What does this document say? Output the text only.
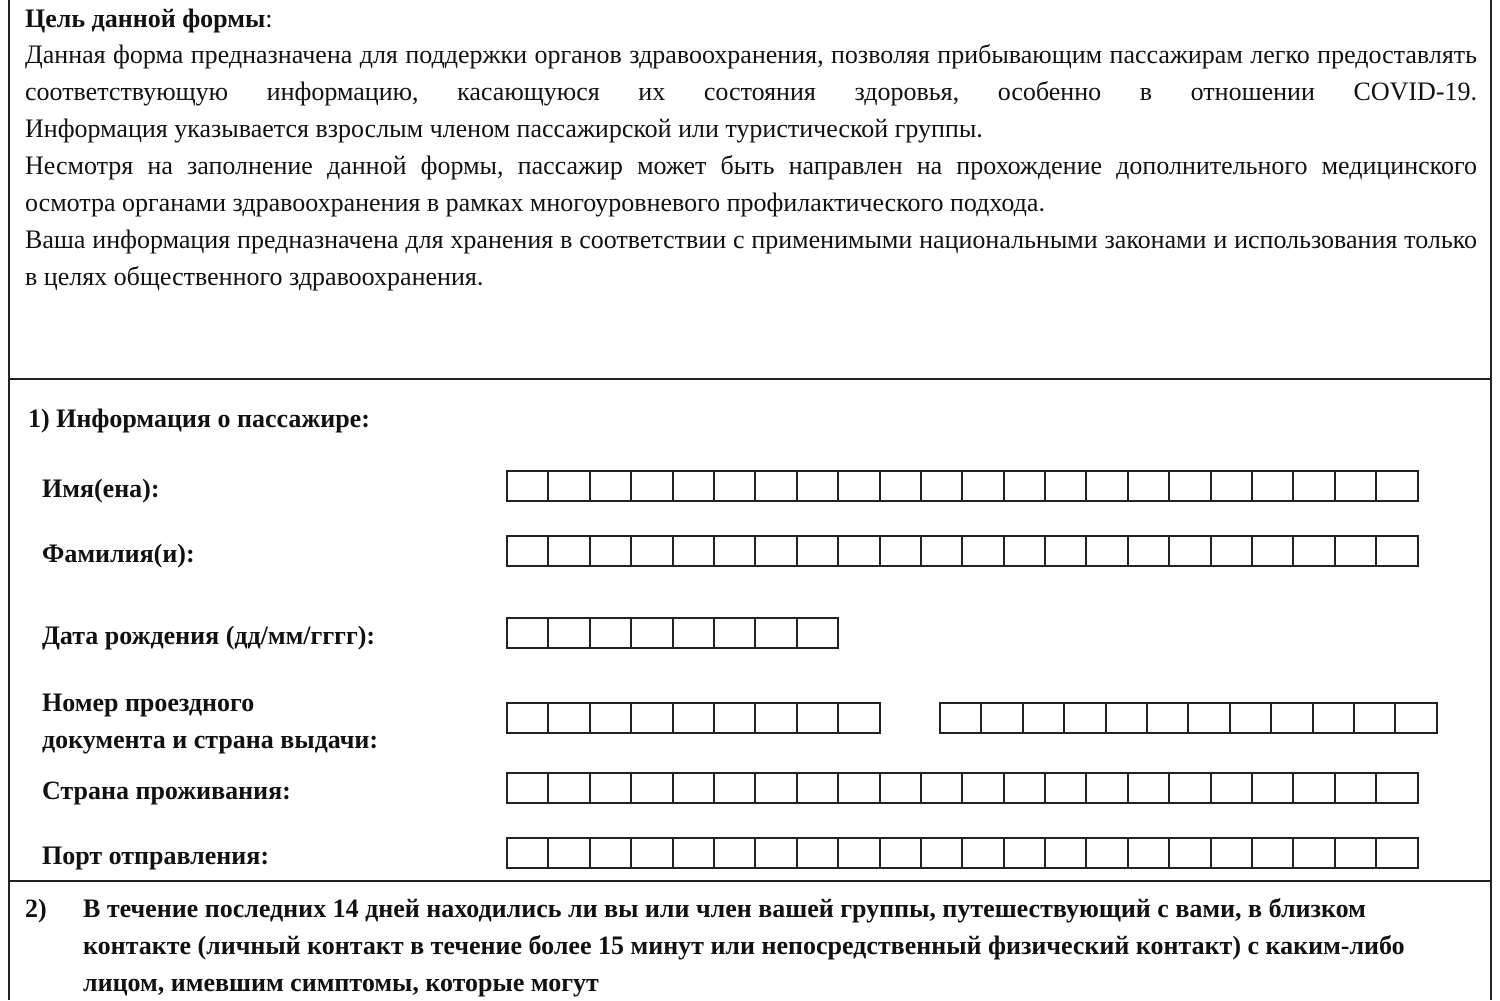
Цель данной формы:

Данная форма предназначена для поддержки органов здравоохранения, позволяя прибывающим пассажирам легко предоставлять соответствующую информацию, касающуюся их состояния здоровья, особенно в отношении COVID-19.

Информация указывается взрослым членом пассажирской или туристической группы.

Несмотря на заполнение данной формы, пассажир может быть направлен на прохождение дополнительного медицинского осмотра органами здравоохранения в рамках многоуровневого профилактического подхода.

Ваша информация предназначена для хранения в соответствии с применимыми национальными законами и использования только в целях общественного здравоохранения.

1) Информация о пассажире:
Имя(ена):
Фамилия(и):
Дата рождения (дд/мм/гггг):
Номер проездного
документа и страна выдачи:
Страна проживания:
Порт отправления:
2) В течение последних 14 дней находились ли вы или член вашей группы, путешествующий с вами, в близком контакте (личный контакт в течение более 15 минут или непосредственный физический контакт) с каким-либо лицом, имевшим симптомы, которые могут
